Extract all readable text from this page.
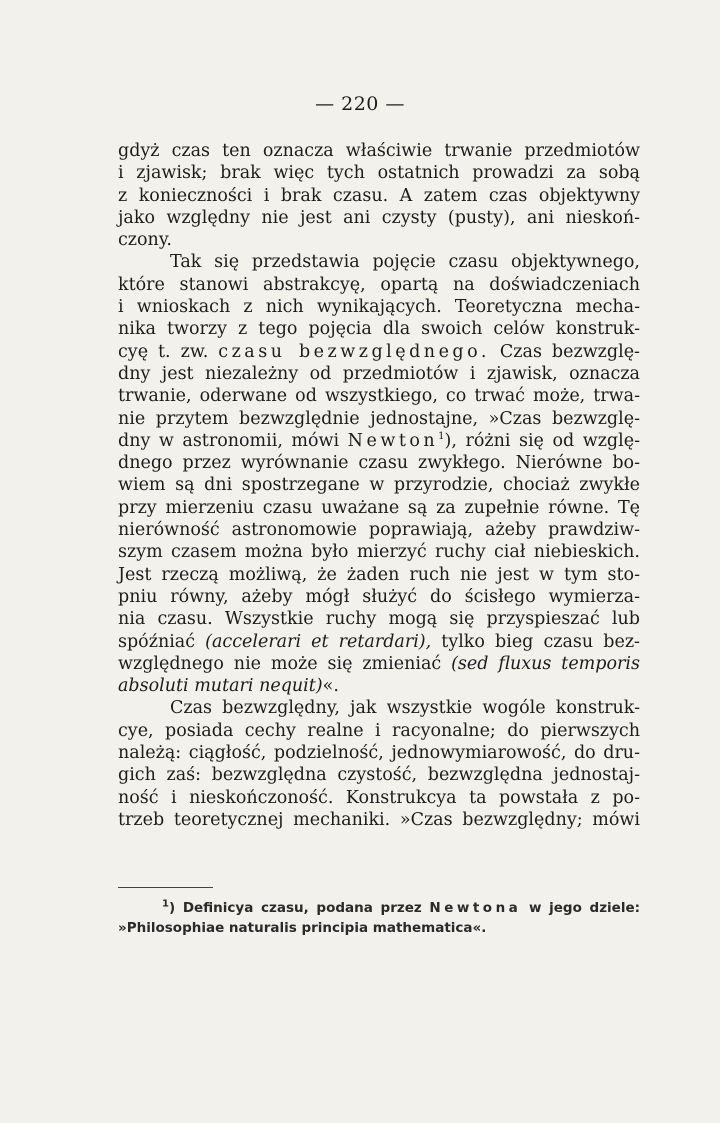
— 220 —
gdyż czas ten oznacza właściwie trwanie przedmiotów
i zjawisk; brak więc tych ostatnich prowadzi za sobą
z konieczności i brak czasu. A zatem czas objektywny
jako względny nie jest ani czysty (pusty), ani nieskoń-
czony.
Tak się przedstawia pojęcie czasu objektywnego,
które stanowi abstrakcyę, opartą na doświadczeniach
i wnioskach z nich wynikających. Teoretyczna mecha-
nika tworzy z tego pojęcia dla swoich celów konstruk-
cyę t. zw. czasu bezwzględnego. Czas bezwzglę-
dny jest niezależny od przedmiotów i zjawisk, oznacza
trwanie, oderwane od wszystkiego, co trwać może, trwa-
nie przytem bezwzględnie jednostajne, »Czas bezwzglę-
dny w astronomii, mówi Newton$^1$), różni się od wzglę-
dnego przez wyrównanie czasu zwykłego. Nierówne bo-
wiem są dni spostrzegane w przyrodzie, chociaż zwykłe
przy mierzeniu czasu uważane są za zupełnie równe. Tę
nierówność astronomowie poprawiają, ażeby prawdziw-
szym czasem można było mierzyć ruchy ciał niebieskich.
Jest rzeczą możliwą, że żaden ruch nie jest w tym sto-
pniu równy, ażeby mógł służyć do ścisłego wymierza-
nia czasu. Wszystkie ruchy mogą się przyspieszać lub
spóźniać (accelerari et retardari), tylko bieg czasu bez-
względnego nie może się zmieniać (sed fluxus temporis
absoluti mutari nequit)«.
Czas bezwzględny, jak wszystkie wogóle konstruk-
cye, posiada cechy realne i racyonalne; do pierwszych
należą: ciągłość, podzielność, jednowymiarowość, do dru-
gich zaś: bezwzględna czystość, bezwzględna jednostaj-
ność i nieskończoność. Konstrukcya ta powstała z po-
trzeb teoretycznej mechaniki. »Czas bezwzględny; mówi
$^1$) Definicya czasu, podana przez Newtona w jego dziele:
»Philosophiae naturalis principia mathematica«.
